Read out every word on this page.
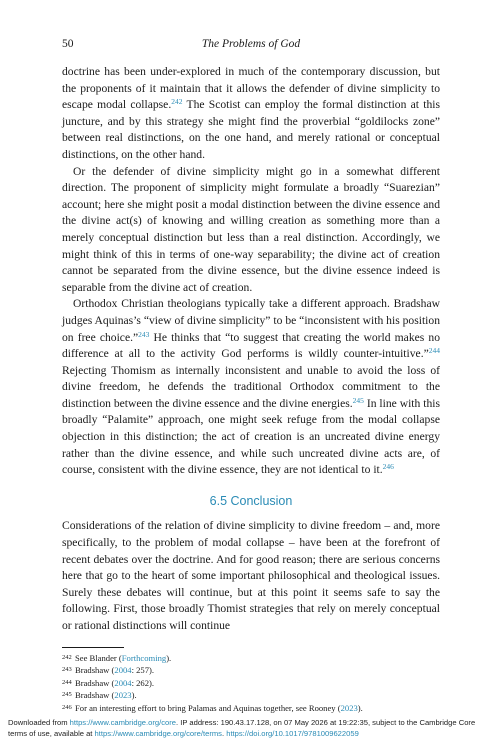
50	The Problems of God

doctrine has been under-explored in much of the contemporary discussion, but the proponents of it maintain that it allows the defender of divine simplicity to escape modal collapse.$^{242}$ The Scotist can employ the formal distinction at this juncture, and by this strategy she might find the proverbial “goldilocks zone” between real distinctions, on the one hand, and merely rational or conceptual distinctions, on the other hand.

Or the defender of divine simplicity might go in a somewhat different direction. The proponent of simplicity might formulate a broadly “Suarezian” account; here she might posit a modal distinction between the divine essence and the divine act(s) of knowing and willing creation as something more than a merely conceptual distinction but less than a real distinction. Accordingly, we might think of this in terms of one-way separability; the divine act of creation cannot be separated from the divine essence, but the divine essence indeed is separable from the divine act of creation.

Orthodox Christian theologians typically take a different approach. Bradshaw judges Aquinas’s “view of divine simplicity” to be “inconsistent with his position on free choice.”$^{243}$ He thinks that “to suggest that creating the world makes no difference at all to the activity God performs is wildly counter-intuitive.”$^{244}$ Rejecting Thomism as internally inconsistent and unable to avoid the loss of divine freedom, he defends the traditional Orthodox commitment to the distinction between the divine essence and the divine energies.$^{245}$ In line with this broadly “Palamite” approach, one might seek refuge from the modal collapse objection in this distinction; the act of creation is an uncreated divine energy rather than the divine essence, and while such uncreated divine acts are, of course, consistent with the divine essence, they are not identical to it.$^{246}$

6.5 Conclusion

Considerations of the relation of divine simplicity to divine freedom – and, more specifically, to the problem of modal collapse – have been at the forefront of recent debates over the doctrine. And for good reason; there are serious concerns here that go to the heart of some important philosophical and theological issues. Surely these debates will continue, but at this point it seems safe to say the following. First, those broadly Thomist strategies that rely on merely conceptual or rational distinctions will continue

242 See Blander (Forthcoming).
243 Bradshaw (2004: 257).
244 Bradshaw (2004: 262).
245 Bradshaw (2023).
246 For an interesting effort to bring Palamas and Aquinas together, see Rooney (2023).
Downloaded from https://www.cambridge.org/core. IP address: 190.43.17.128, on 07 May 2026 at 19:22:35, subject to the Cambridge Core terms of use, available at https://www.cambridge.org/core/terms. https://doi.org/10.1017/9781009622059
